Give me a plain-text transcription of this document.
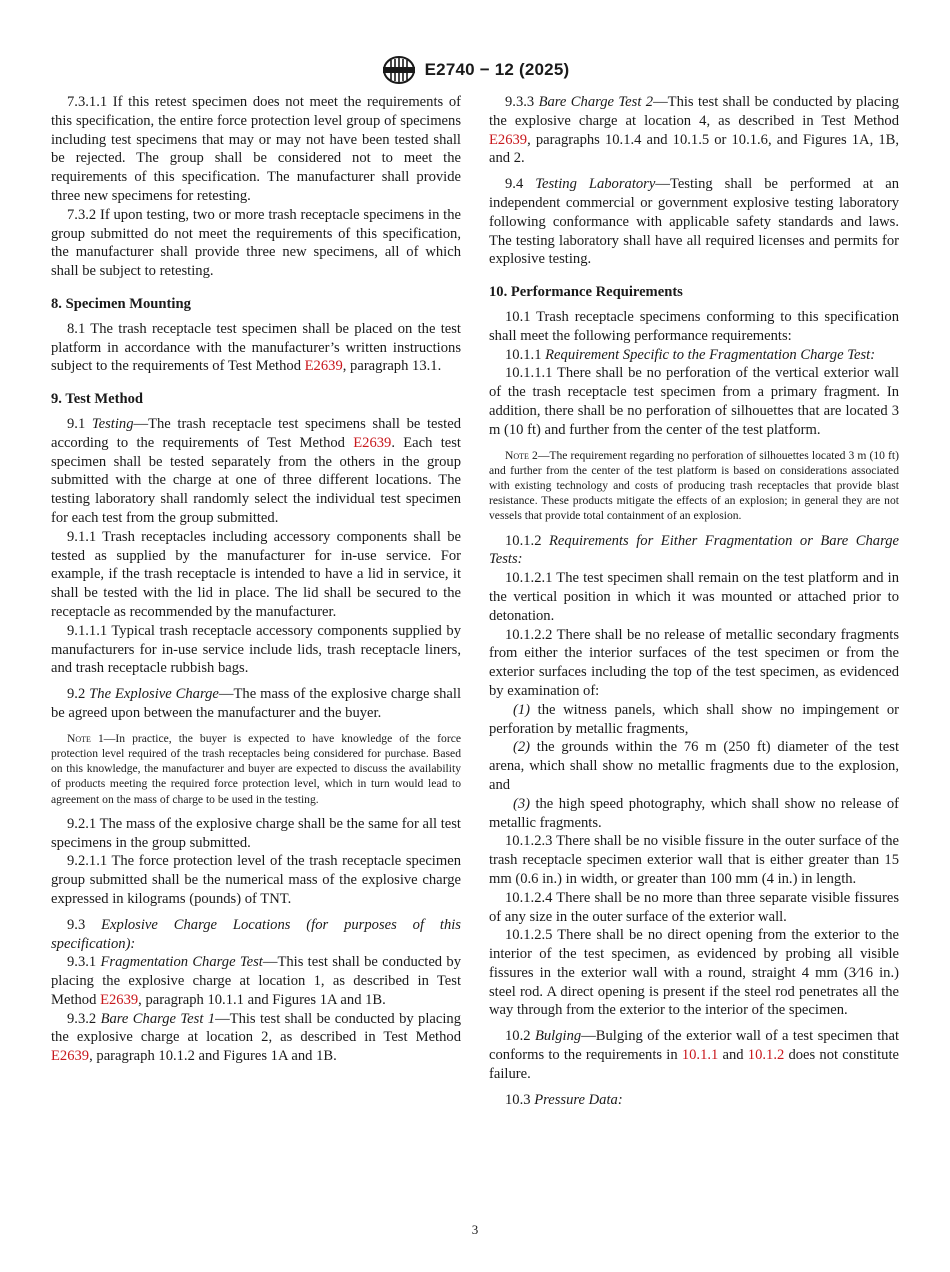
E2740 − 12 (2025)

7.3.1.1 If this retest specimen does not meet the requirements of this specification, the entire force protection level group of specimens including test specimens that may or may not have been tested shall be rejected. The group shall be considered not to meet the requirements of this specification. The manufacturer shall provide three new specimens for retesting.

7.3.2 If upon testing, two or more trash receptacle specimens in the group submitted do not meet the requirements of this specification, the manufacturer shall provide three new specimens, all of which shall be subject to retesting.

8. Specimen Mounting

8.1 The trash receptacle test specimen shall be placed on the test platform in accordance with the manufacturer’s written instructions subject to the requirements of Test Method E2639, paragraph 13.1.

9. Test Method

9.1 Testing—The trash receptacle test specimens shall be tested according to the requirements of Test Method E2639. Each test specimen shall be tested separately from the others in the group submitted with the charge at one of three different locations. The testing laboratory shall randomly select the individual test specimen for each test from the group submitted.

9.1.1 Trash receptacles including accessory components shall be tested as supplied by the manufacturer for in-use service. For example, if the trash receptacle is intended to have a lid in service, it shall be tested with the lid in place. The lid shall be secured to the receptacle as recommended by the manufacturer.

9.1.1.1 Typical trash receptacle accessory components supplied by manufacturers for in-use service include lids, trash receptacle liners, and trash receptacle rubbish bags.

9.2 The Explosive Charge—The mass of the explosive charge shall be agreed upon between the manufacturer and the buyer.

Note 1—In practice, the buyer is expected to have knowledge of the force protection level required of the trash receptacles being considered for purchase. Based on this knowledge, the manufacturer and buyer are expected to discuss the availability of products meeting the required force protection level, which in turn would lead to agreement on the mass of charge to be used in the testing.

9.2.1 The mass of the explosive charge shall be the same for all test specimens in the group submitted.

9.2.1.1 The force protection level of the trash receptacle specimen group submitted shall be the numerical mass of the explosive charge expressed in kilograms (pounds) of TNT.

9.3 Explosive Charge Locations (for purposes of this specification):

9.3.1 Fragmentation Charge Test—This test shall be conducted by placing the explosive charge at location 1, as described in Test Method E2639, paragraph 10.1.1 and Figures 1A and 1B.

9.3.2 Bare Charge Test 1—This test shall be conducted by placing the explosive charge at location 2, as described in Test Method E2639, paragraph 10.1.2 and Figures 1A and 1B.

9.3.3 Bare Charge Test 2—This test shall be conducted by placing the explosive charge at location 4, as described in Test Method E2639, paragraphs 10.1.4 and 10.1.5 or 10.1.6, and Figures 1A, 1B, and 2.

9.4 Testing Laboratory—Testing shall be performed at an independent commercial or government explosive testing laboratory following conformance with applicable safety standards and laws. The testing laboratory shall have all required licenses and permits for explosive testing.

10. Performance Requirements

10.1 Trash receptacle specimens conforming to this specification shall meet the following performance requirements:

10.1.1 Requirement Specific to the Fragmentation Charge Test:

10.1.1.1 There shall be no perforation of the vertical exterior wall of the trash receptacle test specimen from a primary fragment. In addition, there shall be no perforation of silhouettes that are located 3 m (10 ft) and further from the center of the test platform.

Note 2—The requirement regarding no perforation of silhouettes located 3 m (10 ft) and further from the center of the test platform is based on considerations associated with existing technology and costs of producing trash receptacles that provide blast resistance. These products mitigate the effects of an explosion; in general they are not vessels that provide total containment of an explosion.

10.1.2 Requirements for Either Fragmentation or Bare Charge Tests:

10.1.2.1 The test specimen shall remain on the test platform and in the vertical position in which it was mounted or attached prior to detonation.

10.1.2.2 There shall be no release of metallic secondary fragments from either the interior surfaces of the test specimen or from the exterior surfaces including the top of the test specimen, as evidenced by examination of:

(1) the witness panels, which shall show no impingement or perforation by metallic fragments,

(2) the grounds within the 76 m (250 ft) diameter of the test arena, which shall show no metallic fragments due to the explosion, and

(3) the high speed photography, which shall show no release of metallic fragments.

10.1.2.3 There shall be no visible fissure in the outer surface of the trash receptacle specimen exterior wall that is either greater than 15 mm (0.6 in.) in width, or greater than 100 mm (4 in.) in length.

10.1.2.4 There shall be no more than three separate visible fissures of any size in the outer surface of the exterior wall.

10.1.2.5 There shall be no direct opening from the exterior to the interior of the test specimen, as evidenced by probing all visible fissures in the exterior wall with a round, straight 4 mm (3⁄16 in.) steel rod. A direct opening is present if the steel rod penetrates all the way through from the exterior to the interior of the specimen.

10.2 Bulging—Bulging of the exterior wall of a test specimen that conforms to the requirements in 10.1.1 and 10.1.2 does not constitute failure.

10.3 Pressure Data:

3
